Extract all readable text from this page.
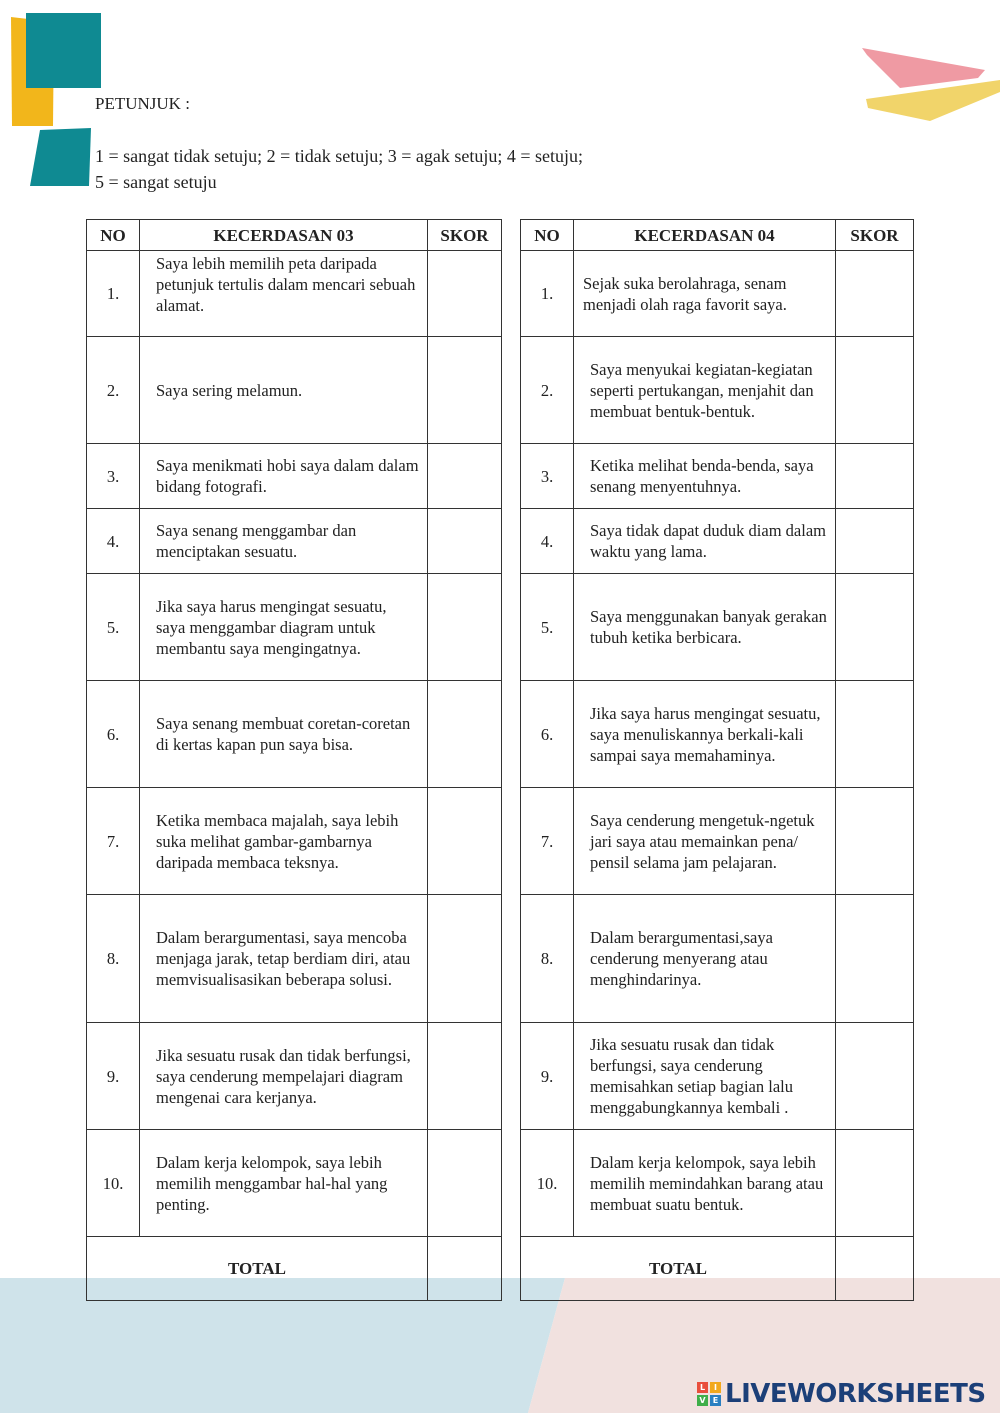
PETUNJUK :
1 = sangat tidak setuju; 2 = tidak setuju; 3 = agak setuju; 4 = setuju;
5 = sangat setuju
NO	KECERDASAN 03	SKOR
1.	Saya lebih memilih peta daripada petunjuk tertulis dalam mencari sebuah alamat.	
2.	Saya sering melamun.	
3.	Saya menikmati hobi saya dalam dalam bidang fotografi.	
4.	Saya senang menggambar dan menciptakan sesuatu.	
5.	Jika saya harus mengingat sesuatu, saya menggambar diagram untuk membantu saya mengingatnya.	
6.	Saya senang membuat coretan-coretan di kertas kapan pun saya bisa.	
7.	Ketika membaca majalah, saya lebih suka melihat gambar-gambarnya daripada membaca teksnya.	
8.	Dalam berargumentasi, saya mencoba menjaga jarak, tetap berdiam diri, atau memvisualisasikan beberapa solusi.	
9.	Jika sesuatu rusak dan tidak berfungsi, saya cenderung mempelajari diagram mengenai cara kerjanya.	
10.	Dalam kerja kelompok, saya lebih memilih menggambar hal-hal yang penting.	
TOTAL		
NO	KECERDASAN 04	SKOR
1.	Sejak suka berolahraga, senam menjadi olah raga favorit saya.	
2.	Saya menyukai kegiatan-kegiatan seperti pertukangan, menjahit dan membuat bentuk-bentuk.	
3.	Ketika melihat benda-benda, saya senang menyentuhnya.	
4.	Saya tidak dapat duduk diam dalam waktu yang lama.	
5.	Saya menggunakan banyak gerakan tubuh ketika berbicara.	
6.	Jika saya harus mengingat sesuatu, saya menuliskannya berkali-kali sampai saya memahaminya.	
7.	Saya cenderung mengetuk-ngetuk jari saya atau memainkan pena/ pensil selama jam pelajaran.	
8.	Dalam berargumentasi,saya cenderung menyerang atau menghindarinya.	
9.	Jika sesuatu rusak dan tidak berfungsi, saya cenderung memisahkan setiap bagian lalu menggabungkannya kembali .	
10.	Dalam kerja kelompok, saya lebih memilih memindahkan barang atau membuat suatu bentuk.	
TOTAL		
L	I
V E LIVEWORKSHEETS
